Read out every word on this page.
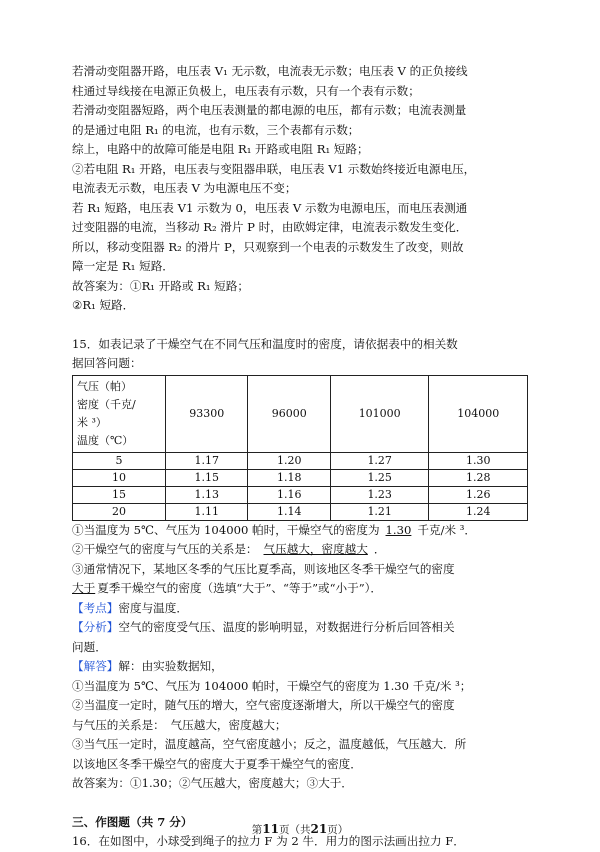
若滑动变阻器开路，电压表 V₁ 无示数，电流表无示数；电压表 V 的正负接线
柱通过导线接在电源正负极上，电压表有示数，只有一个表有示数；
若滑动变阻器短路，两个电压表测量的都电源的电压，都有示数；电流表测量
的是通过电阻 R₁ 的电流，也有示数，三个表都有示数；
综上，电路中的故障可能是电阻 R₁ 开路或电阻 R₁ 短路；
②若电阻 R₁ 开路，电压表与变阻器串联，电压表 V1 示数始终接近电源电压，
电流表无示数，电压表 V 为电源电压不变；
若 R₁ 短路，电压表 V1 示数为 0，电压表 V 示数为电源电压，而电压表测通
过变阻器的电流，当移动 R₂ 滑片 P 时，由欧姆定律，电流表示数发生变化．
所以，移动变阻器 R₂ 的滑片 P，只观察到一个电表的示数发生了改变，则故
障一定是 R₁ 短路．
故答案为：①R₁ 开路或 R₁ 短路；
②R₁ 短路．
15．如表记录了干燥空气在不同气压和温度时的密度，请依据表中的相关数
据回答问题：
气压（帕）
密度（千克/
米 ³）
温度（℃）	93300	96000	101000	104000
5	1.17	1.20	1.27	1.30
10	1.15	1.18	1.25	1.28
15	1.13	1.16	1.23	1.26
20	1.11	1.14	1.21	1.24
①当温度为 5℃、气压为 104000 帕时，干燥空气的密度为 1.30 千克/米 ³．
②干燥空气的密度与气压的关系是： 气压越大，密度越大 ．
③通常情况下，某地区冬季的气压比夏季高，则该地区冬季干燥空气的密度
大于 夏季干燥空气的密度（选填“大于”、“等于”或“小于”）．
【考点】密度与温度．
【分析】空气的密度受气压、温度的影响明显，对数据进行分析后回答相关
问题．
【解答】解：由实验数据知，
①当温度为 5℃、气压为 104000 帕时，干燥空气的密度为 1.30 千克/米 ³；
②当温度一定时，随气压的增大，空气密度逐渐增大，所以干燥空气的密度
与气压的关系是：　气压越大，密度越大；
③当气压一定时，温度越高，空气密度越小；反之，温度越低，气压越大．所
以该地区冬季干燥空气的密度大于夏季干燥空气的密度．
故答案为：①1.30；②气压越大，密度越大；③大于．
三、作图题（共 7 分）
16．在如图中，小球受到绳子的拉力 F 为 2 牛．用力的图示法画出拉力 F．
第11页（共21页）
